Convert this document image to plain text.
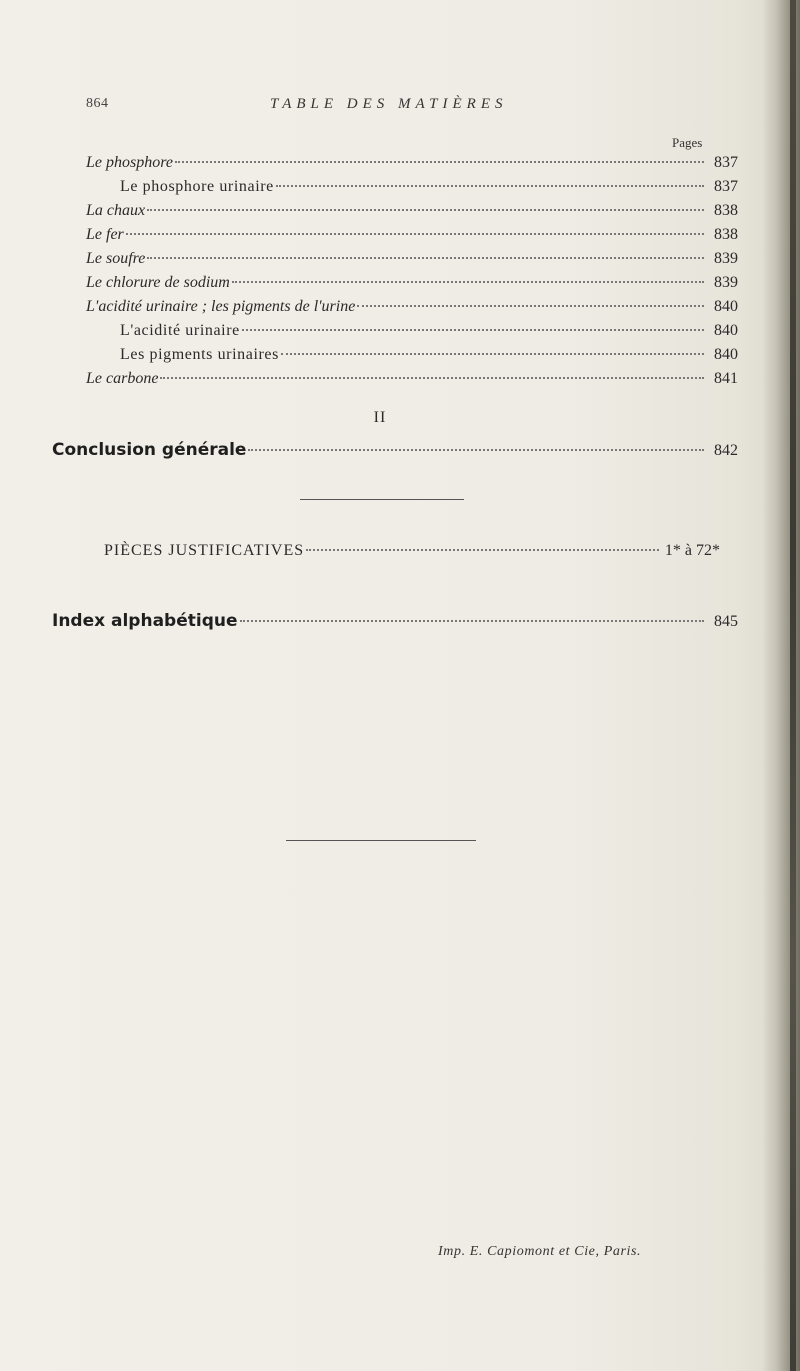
864	TABLE DES MATIÈRES
Pages
Le phosphore	837
Le phosphore urinaire	837
La chaux	838
Le fer	838
Le soufre	839
Le chlorure de sodium	839
L'acidité urinaire ; les pigments de l'urine	840
L'acidité urinaire	840
Les pigments urinaires	840
Le carbone	841
II
Conclusion générale	842
PIÈCES JUSTIFICATIVES	1* à 72*
Index alphabétique	845
Imp. E. Capiomont et Cie, Paris.
